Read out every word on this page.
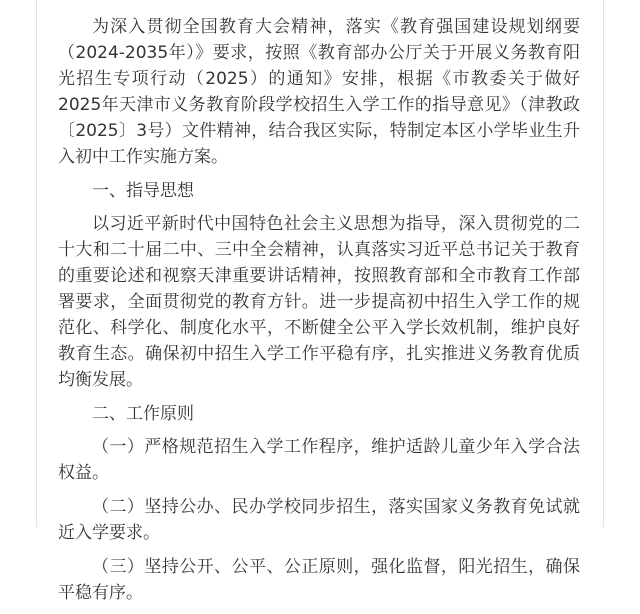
为深入贯彻全国教育大会精神，落实《教育强国建设规划纲要（2024-2035年）》要求，按照《教育部办公厅关于开展义务教育阳光招生专项行动（2025）的通知》安排，根据《市教委关于做好2025年天津市义务教育阶段学校招生入学工作的指导意见》（津教政〔2025〕3号）文件精神，结合我区实际，特制定本区小学毕业生升入初中工作实施方案。

一、指导思想

以习近平新时代中国特色社会主义思想为指导，深入贯彻党的二十大和二十届二中、三中全会精神，认真落实习近平总书记关于教育的重要论述和视察天津重要讲话精神，按照教育部和全市教育工作部署要求，全面贯彻党的教育方针。进一步提高初中招生入学工作的规范化、科学化、制度化水平，不断健全公平入学长效机制，维护良好教育生态。确保初中招生入学工作平稳有序，扎实推进义务教育优质均衡发展。

二、工作原则

（一）严格规范招生入学工作程序，维护适龄儿童少年入学合法权益。

（二）坚持公办、民办学校同步招生，落实国家义务教育免试就近入学要求。

（三）坚持公开、公平、公正原则，强化监督，阳光招生，确保平稳有序。
